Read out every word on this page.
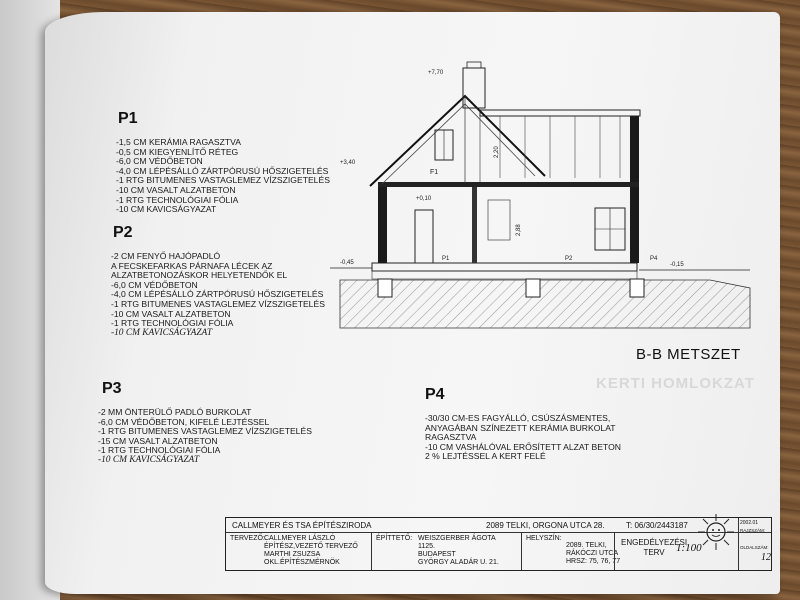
P1
-1,5 CM KERÁMIA RAGASZTVA
-0,5 CM KIEGYENLÍTŐ RÉTEG
-6,0 CM VÉDŐBETON
-4,0 CM LÉPÉSÁLLÓ ZÁRTPÓRUSÚ HŐSZIGETELÉS
-1 RTG BITUMENES VASTAGLEMEZ VÍZSZIGETELÉS
-10 CM VASALT ALZATBETON
-1 RTG TECHNOLÓGIAI FÓLIA
-10 CM KAVICSÁGYAZAT
P2
-2 CM FENYŐ HAJÓPADLÓ
A FECSKEFARKAS PÁRNAFA LÉCEK AZ
ALZATBETONOZÁSKOR HELYETENDŐK EL
-6,0 CM VÉDŐBETON
-4,0 CM LÉPÉSÁLLÓ ZÁRTPÓRUSÚ HŐSZIGETELÉS
-1 RTG BITUMENES VASTAGLEMEZ VÍZSZIGETELÉS
-10 CM VASALT ALZATBETON
-1 RTG TECHNOLÓGIAI FÓLIA
-10 CM KAVICSÁGYAZAT
P3
-2 MM ÖNTERÜLŐ PADLÓ BURKOLAT
-6,0 CM VÉDŐBETON, KIFELÉ LEJTÉSSEL
-1 RTG BITUMENES VASTAGLEMEZ VÍZSZIGETELÉS
-15 CM VASALT ALZATBETON
-1 RTG TECHNOLÓGIAI FÓLIA
-10 CM KAVICSÁGYAZAT
P4
-30/30 CM-ES FAGYÁLLÓ, CSÚSZÁSMENTES,
ANYAGÁBAN SZÍNEZETT KERÁMIA BURKOLAT
RAGASZTVA
-10 CM VASHÁLÓVAL ERŐSÍTETT ALZAT BETON
2 % LEJTÉSSEL A KERT FELÉ
B-B METSZET
KERTI HOMLOKZAT
+3,40
+7,70
+0,10
-0,45	-0,15
F1
P1	P2	P4
2,20
2,88
CALLMEYER ÉS TSA ÉPÍTÉSZIRODA	2089 TELKI, ORGONA UTCA 28.	T: 06/30/2443187
TERVEZŐ: CALLMEYER LÁSZLÓ
ÉPÍTÉSZ,VEZETŐ TERVEZŐ
MARTHI ZSUZSA
OKL.ÉPÍTÉSZMÉRNÖK
ÉPÍTTETŐ: WEISZGERBER ÁGOTA
1125.
BUDAPEST
GYÖRGY ALADÁR U. 21.
HELYSZÍN:
2089. TELKI,
RÁKÓCZI UTCA
HRSZ: 75, 76, 77
ENGEDÉLYEZÉSI
TERV	1:100
2002.01
RAJZSZÁM:
OLDALSZÁM:
12
